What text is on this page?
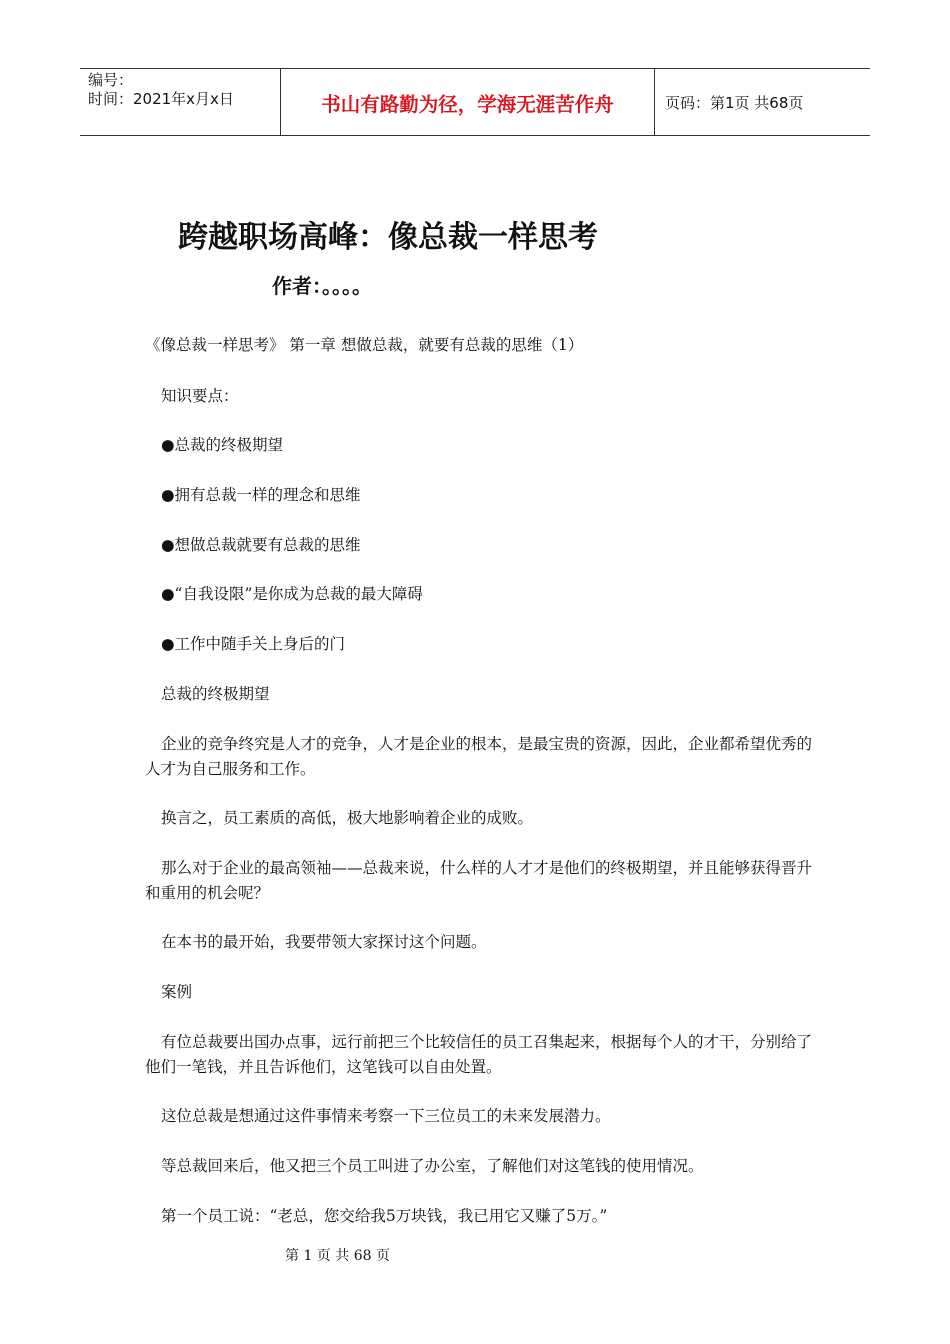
编号：
时间：2021年x月x日	书山有路勤为径，学海无涯苦作舟	页码：第1页 共68页
跨越职场高峰：像总裁一样思考
作者：。。。。
《像总裁一样思考》 第一章 想做总裁，就要有总裁的思维（1）
知识要点：
●总裁的终极期望
●拥有总裁一样的理念和思维
●想做总裁就要有总裁的思维
●“自我设限”是你成为总裁的最大障碍
●工作中随手关上身后的门
总裁的终极期望
企业的竞争终究是人才的竞争，人才是企业的根本，是最宝贵的资源，因此，企业都希望优秀的人才为自己服务和工作。
换言之，员工素质的高低，极大地影响着企业的成败。
那么对于企业的最高领袖——总裁来说，什么样的人才才是他们的终极期望，并且能够获得晋升和重用的机会呢？
在本书的最开始，我要带领大家探讨这个问题。
案例
有位总裁要出国办点事，远行前把三个比较信任的员工召集起来，根据每个人的才干，分别给了他们一笔钱，并且告诉他们，这笔钱可以自由处置。
这位总裁是想通过这件事情来考察一下三位员工的未来发展潜力。
等总裁回来后，他又把三个员工叫进了办公室，了解他们对这笔钱的使用情况。
第一个员工说：“老总，您交给我5万块钱，我已用它又赚了5万。”
第 1 页 共 68 页
